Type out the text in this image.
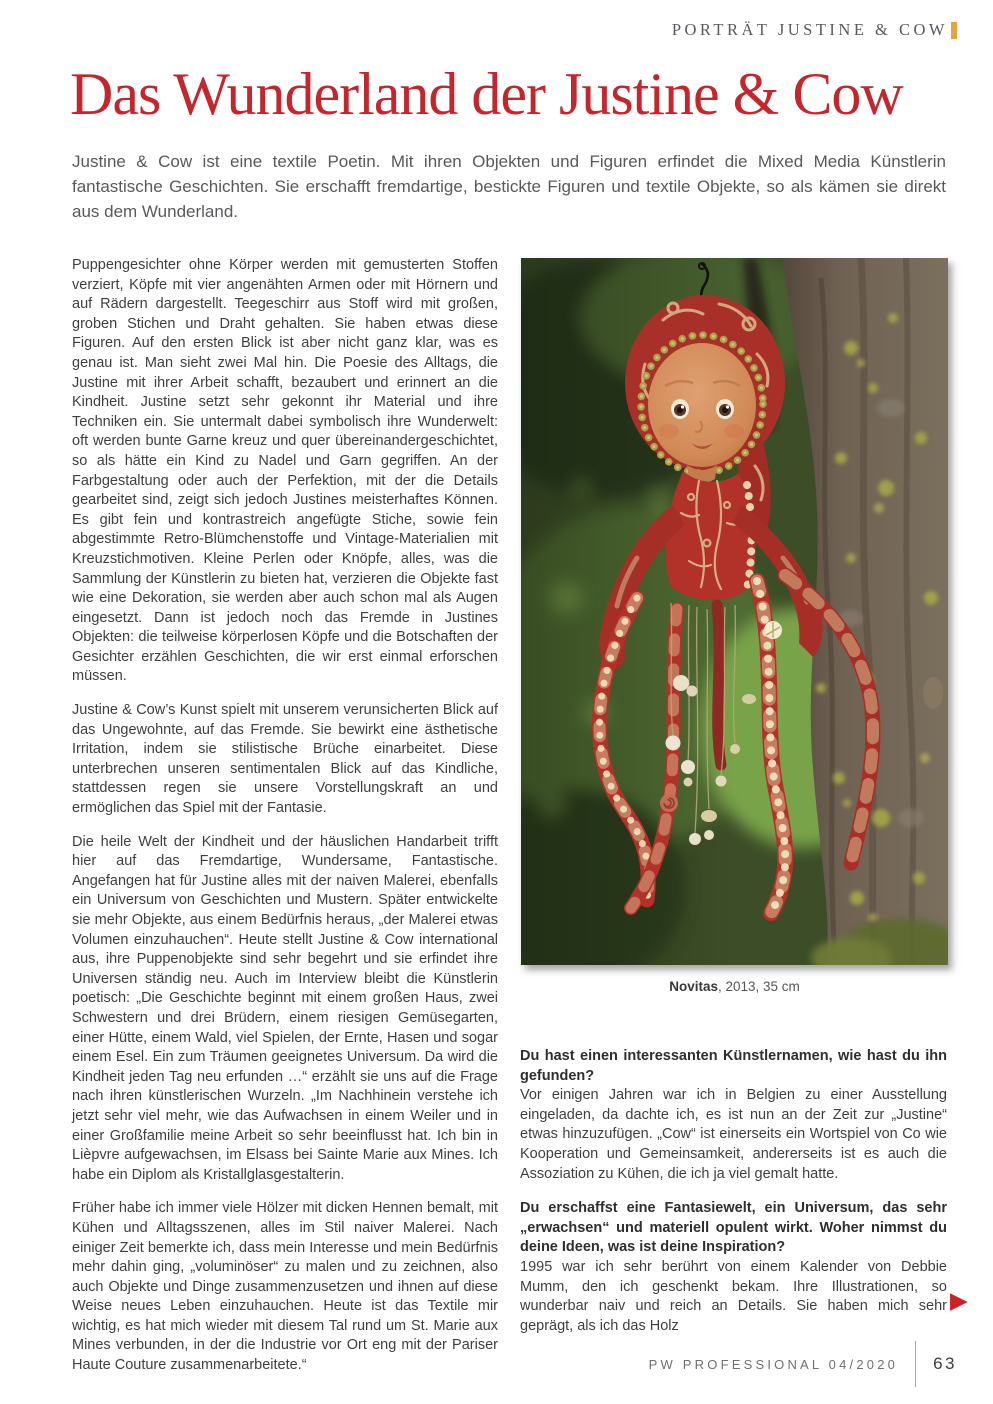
PORTRÄT JUSTINE & COW
Das Wunderland der Justine & Cow

Justine & Cow ist eine textile Poetin. Mit ihren Objekten und Figuren erfindet die Mixed Media Künstlerin fantastische Geschichten. Sie erschafft fremdartige, bestickte Figuren und textile Objekte, so als kämen sie direkt aus dem Wunderland.

Puppengesichter ohne Körper werden mit gemusterten Stoffen verziert, Köpfe mit vier angenähten Armen oder mit Hörnern und auf Rädern dargestellt. Teegeschirr aus Stoff wird mit großen, groben Stichen und Draht gehalten. Sie haben etwas diese Figuren. Auf den ersten Blick ist aber nicht ganz klar, was es genau ist. Man sieht zwei Mal hin. Die Poesie des Alltags, die Justine mit ihrer Arbeit schafft, bezaubert und erinnert an die Kindheit. Justine setzt sehr gekonnt ihr Material und ihre Techniken ein. Sie untermalt dabei symbolisch ihre Wunderwelt: oft werden bunte Garne kreuz und quer übereinandergeschichtet, so als hätte ein Kind zu Nadel und Garn gegriffen. An der Farbgestaltung oder auch der Perfektion, mit der die Details gearbeitet sind, zeigt sich jedoch Justines meisterhaftes Können. Es gibt fein und kontrastreich angefügte Stiche, sowie fein abgestimmte Retro-Blümchenstoffe und Vintage-Materialien mit Kreuzstichmotiven. Kleine Perlen oder Knöpfe, alles, was die Sammlung der Künstlerin zu bieten hat, verzieren die Objekte fast wie eine Dekoration, sie werden aber auch schon mal als Augen eingesetzt. Dann ist jedoch noch das Fremde in Justines Objekten: die teilweise körperlosen Köpfe und die Botschaften der Gesichter erzählen Geschichten, die wir erst einmal erforschen müssen.

Justine & Cow’s Kunst spielt mit unserem verunsicherten Blick auf das Ungewohnte, auf das Fremde. Sie bewirkt eine ästhetische Irritation, indem sie stilistische Brüche einarbeitet. Diese unterbrechen unseren sentimentalen Blick auf das Kindliche, stattdessen regen sie unsere Vorstellungskraft an und ermöglichen das Spiel mit der Fantasie.

Die heile Welt der Kindheit und der häuslichen Handarbeit trifft hier auf das Fremdartige, Wundersame, Fantastische. Angefangen hat für Justine alles mit der naiven Malerei, ebenfalls ein Universum von Geschichten und Mustern. Später entwickelte sie mehr Objekte, aus einem Bedürfnis heraus, „der Malerei etwas Volumen einzuhauchen“. Heute stellt Justine & Cow international aus, ihre Puppenobjekte sind sehr begehrt und sie erfindet ihre Universen ständig neu. Auch im Interview bleibt die Künstlerin poetisch: „Die Geschichte beginnt mit einem großen Haus, zwei Schwestern und drei Brüdern, einem riesigen Gemüsegarten, einer Hütte, einem Wald, viel Spielen, der Ernte, Hasen und sogar einem Esel. Ein zum Träumen geeignetes Universum. Da wird die Kindheit jeden Tag neu erfunden …“ erzählt sie uns auf die Frage nach ihren künstlerischen Wurzeln. „Im Nachhinein verstehe ich jetzt sehr viel mehr, wie das Aufwachsen in einem Weiler und in einer Großfamilie meine Arbeit so sehr beeinflusst hat. Ich bin in Lièpvre aufgewachsen, im Elsass bei Sainte Marie aux Mines. Ich habe ein Diplom als Kristallglasgestalterin.

Früher habe ich immer viele Hölzer mit dicken Hennen bemalt, mit Kühen und Alltagsszenen, alles im Stil naiver Malerei. Nach einiger Zeit bemerkte ich, dass mein Interesse und mein Bedürfnis mehr dahin ging, „voluminöser“ zu malen und zu zeichnen, also auch Objekte und Dinge zusammenzusetzen und ihnen auf diese Weise neues Leben einzuhauchen. Heute ist das Textile mir wichtig, es hat mich wieder mit diesem Tal rund um St. Marie aux Mines verbunden, in der die Industrie vor Ort eng mit der Pariser Haute Couture zusammenarbeitete.“

Novitas, 2013, 35 cm

Du hast einen interessanten Künstlernamen, wie hast du ihn gefunden?

Vor einigen Jahren war ich in Belgien zu einer Ausstellung eingeladen, da dachte ich, es ist nun an der Zeit zur „Justine“ etwas hinzuzufügen. „Cow“ ist einerseits ein Wortspiel von Co wie Kooperation und Gemeinsamkeit, andererseits ist es auch die Assoziation zu Kühen, die ich ja viel gemalt hatte.

Du erschaffst eine Fantasiewelt, ein Universum, das sehr „erwachsen“ und materiell opulent wirkt. Woher nimmst du deine Ideen, was ist deine Inspiration?

1995 war ich sehr berührt von einem Kalender von Debbie Mumm, den ich geschenkt bekam. Ihre Illustrationen, so wunderbar naiv und reich an Details. Sie haben mich sehr geprägt, als ich das Holz

▶
PW PROFESSIONAL 04/2020 63
